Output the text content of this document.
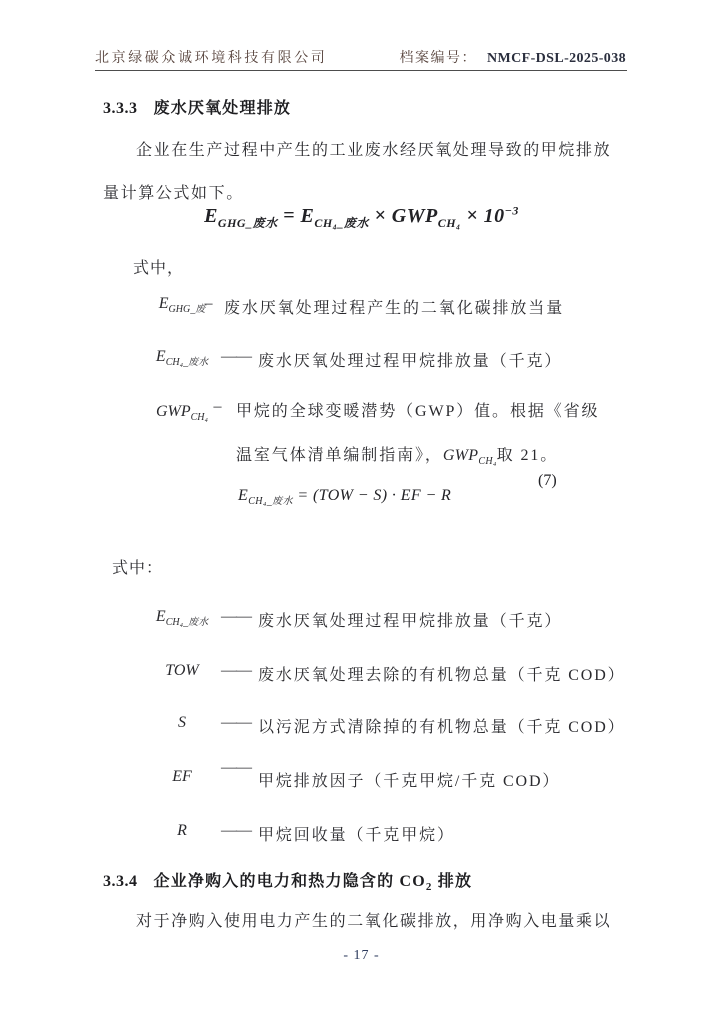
北京绿碳众诚环境科技有限公司	档案编号： NMCF-DSL-2025-038
3.3.3 废水厌氧处理排放
企业在生产过程中产生的工业废水经厌氧处理导致的甲烷排放
量计算公式如下。
$E_{GHG\_废水} = E_{CH_4\_废水} \times GWP_{CH_4} \times 10^{-3}$
式中，
$E_{GHG\_废}$ – 废水厌氧处理过程产生的二氧化碳排放当量
$E_{CH_4\_废水}$ —— 废水厌氧处理过程甲烷排放量（千克）
$GWP_{CH_4}$
– 甲烷的全球变暖潜势（GWP）值。根据《省级
温室气体清单编制指南》，$GWP_{CH_4}$取 21。
$E_{CH_4\_废水} = (TOW - S)$ · EF − R
(7)
式中：
$E_{CH_4\_废水}$ —— 废水厌氧处理过程甲烷排放量（千克）
TOW	—— 废水厌氧处理去除的有机物总量（千克 COD）
S	—— 以污泥方式清除掉的有机物总量（千克 COD）
EF
——
甲烷排放因子（千克甲烷/千克 COD）
R	—— 甲烷回收量（千克甲烷）
3.3.4 企业净购入的电力和热力隐含的 $CO_2$ 排放
对于净购入使用电力产生的二氧化碳排放，用净购入电量乘以
- 17 -
